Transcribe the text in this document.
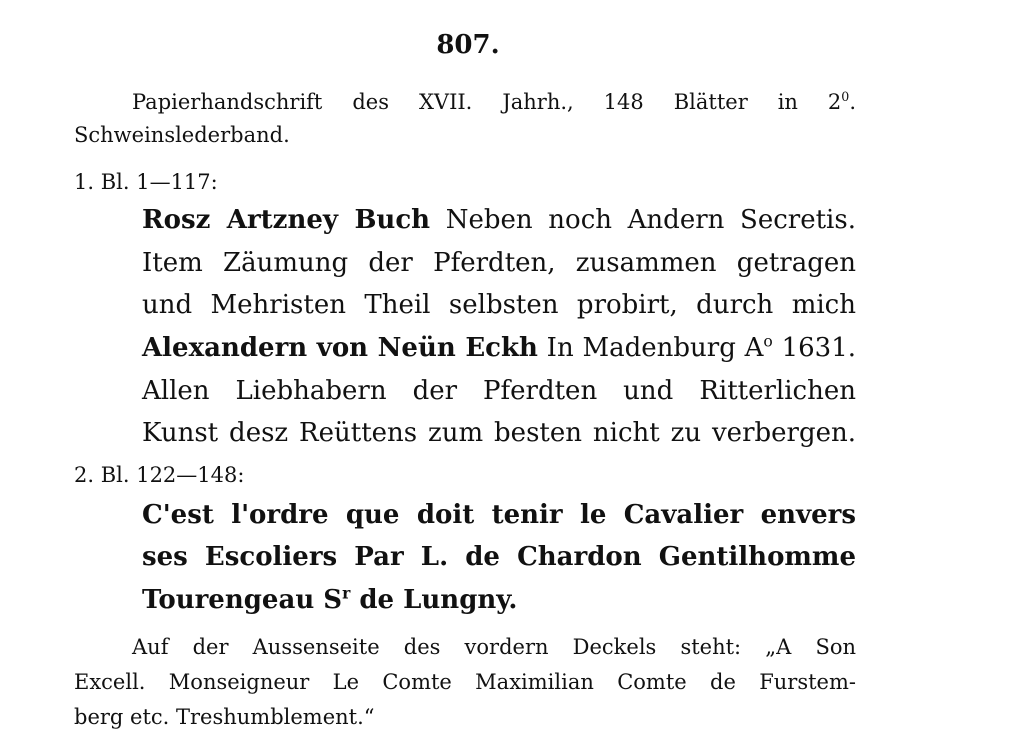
807.
Papierhandschrift des XVII. Jahrh., 148 Blätter in $2^0$.
Schweinslederband.
1. Bl. 1—117:
Rosz Artzney Buch Neben noch Andern Secretis.
Item Zäumung der Pferdten, zusammen getragen
und Mehristen Theil selbsten probirt, durch mich
Alexandern von Neün Eckh In Madenburg $A^o$ 1631.
Allen Liebhabern der Pferdten und Ritterlichen
Kunst desz Reüttens zum besten nicht zu verbergen.
2. Bl. 122—148:
C'est l'ordre que doit tenir le Cavalier envers
ses Escoliers Par L. de Chardon Gentilhomme
Tourengeau $S^r$ de Lungny.
Auf der Aussenseite des vordern Deckels steht: „A Son
Excell. Monseigneur Le Comte Maximilian Comte de Furstem-
berg etc. Treshumblement.“
